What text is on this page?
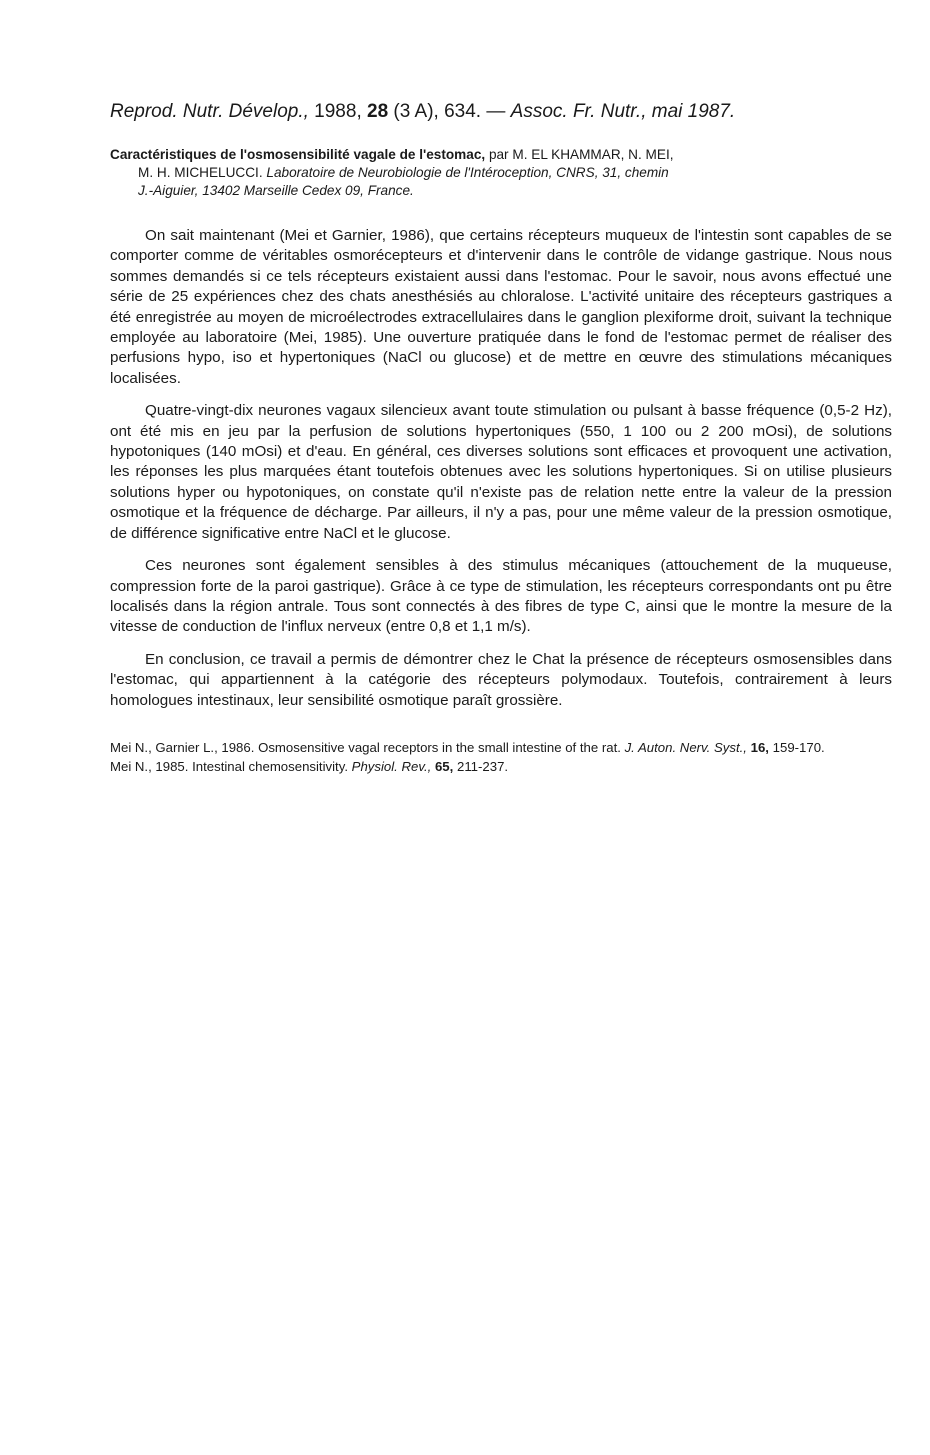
Reprod. Nutr. Dévelop., 1988, 28 (3 A), 634. — Assoc. Fr. Nutr., mai 1987.
Caractéristiques de l'osmosensibilité vagale de l'estomac, par M. EL KHAMMAR, N. MEI,
M. H. MICHELUCCI. Laboratoire de Neurobiologie de l'Intéroception, CNRS, 31, chemin
J.-Aiguier, 13402 Marseille Cedex 09, France.

On sait maintenant (Mei et Garnier, 1986), que certains récepteurs muqueux de l'intestin sont capables de se comporter comme de véritables osmorécepteurs et d'intervenir dans le contrôle de vidange gastrique. Nous nous sommes demandés si ce tels récepteurs existaient aussi dans l'estomac. Pour le savoir, nous avons effectué une série de 25 expériences chez des chats anesthésiés au chloralose. L'activité unitaire des récepteurs gastriques a été enregistrée au moyen de microélectrodes extracellulaires dans le ganglion plexiforme droit, suivant la technique employée au laboratoire (Mei, 1985). Une ouverture pratiquée dans le fond de l'estomac permet de réaliser des perfusions hypo, iso et hypertoniques (NaCl ou glucose) et de mettre en œuvre des stimulations mécaniques localisées.

Quatre-vingt-dix neurones vagaux silencieux avant toute stimulation ou pulsant à basse fréquence (0,5-2 Hz), ont été mis en jeu par la perfusion de solutions hypertoniques (550, 1 100 ou 2 200 mOsi), de solutions hypotoniques (140 mOsi) et d'eau. En général, ces diverses solutions sont efficaces et provoquent une activation, les réponses les plus marquées étant toutefois obtenues avec les solutions hypertoniques. Si on utilise plusieurs solutions hyper ou hypotoniques, on constate qu'il n'existe pas de relation nette entre la valeur de la pression osmotique et la fréquence de décharge. Par ailleurs, il n'y a pas, pour une même valeur de la pression osmotique, de différence significative entre NaCl et le glucose.

Ces neurones sont également sensibles à des stimulus mécaniques (attouchement de la muqueuse, compression forte de la paroi gastrique). Grâce à ce type de stimulation, les récepteurs correspondants ont pu être localisés dans la région antrale. Tous sont connectés à des fibres de type C, ainsi que le montre la mesure de la vitesse de conduction de l'influx nerveux (entre 0,8 et 1,1 m/s).

En conclusion, ce travail a permis de démontrer chez le Chat la présence de récepteurs osmosensibles dans l'estomac, qui appartiennent à la catégorie des récepteurs polymodaux. Toutefois, contrairement à leurs homologues intestinaux, leur sensibilité osmotique paraît grossière.

Mei N., Garnier L., 1986. Osmosensitive vagal receptors in the small intestine of the rat. J. Auton. Nerv. Syst., 16, 159-170.
Mei N., 1985. Intestinal chemosensitivity. Physiol. Rev., 65, 211-237.
